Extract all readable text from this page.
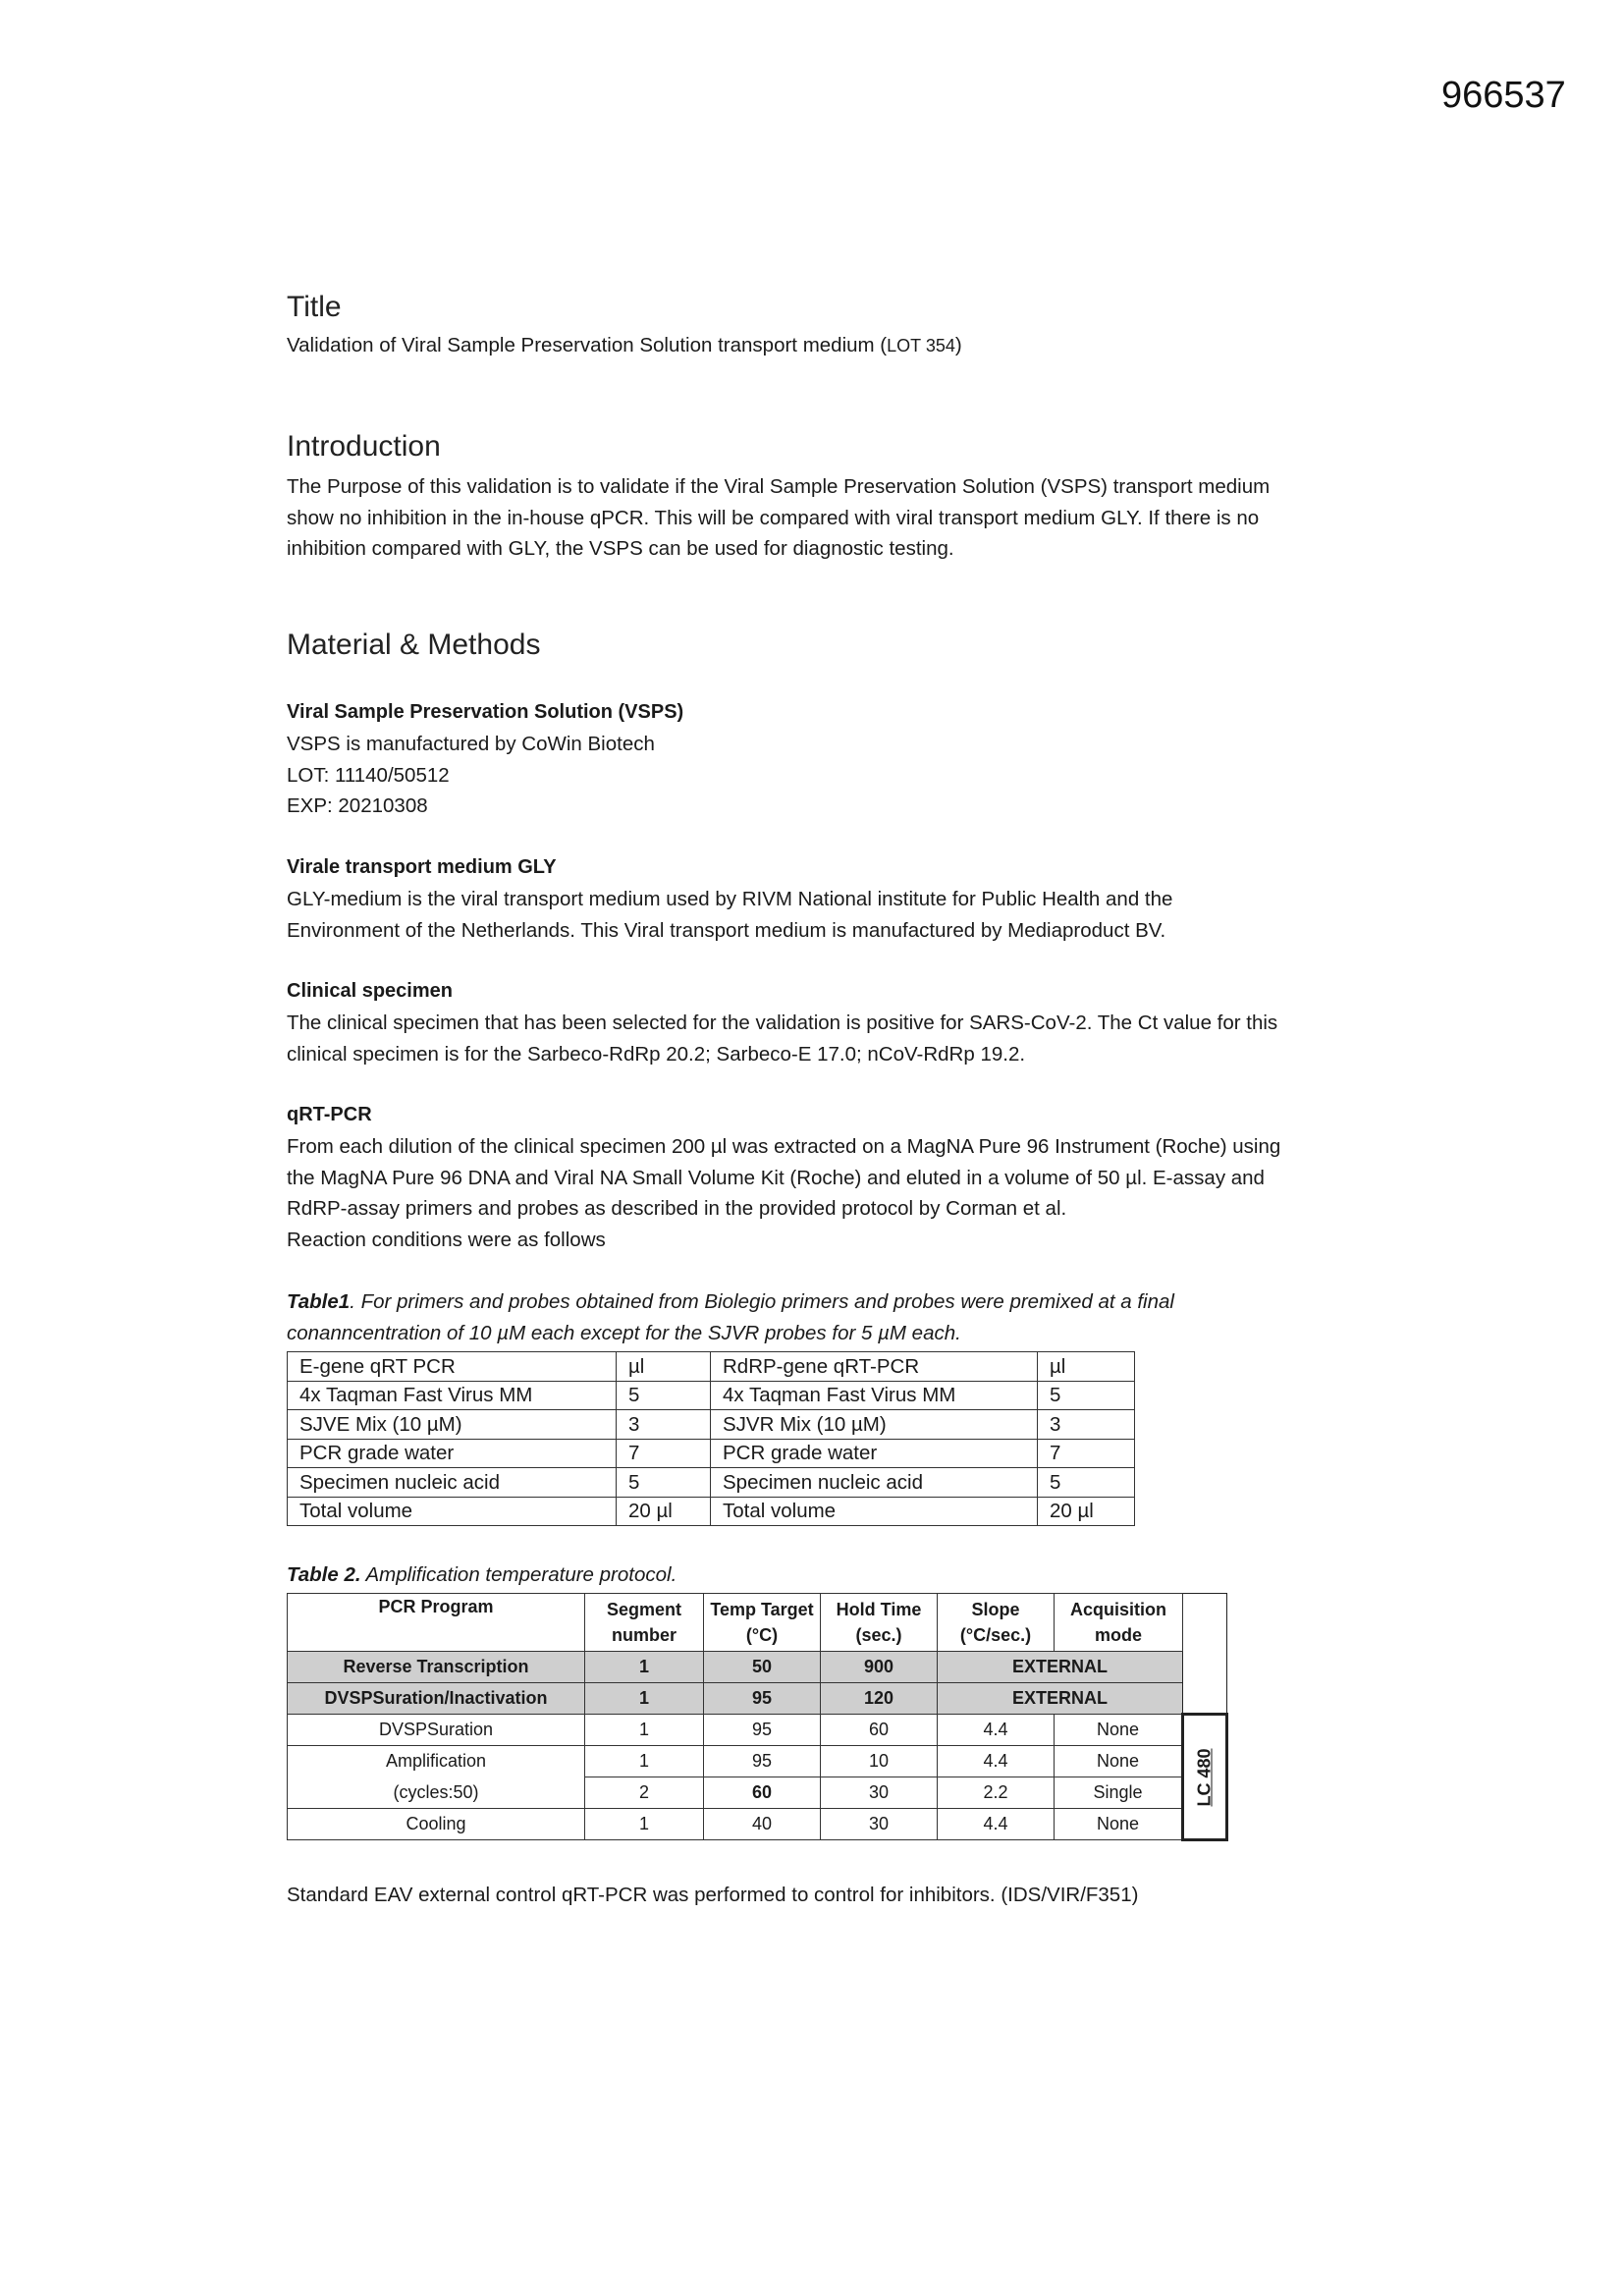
966537
Title
Validation of Viral Sample Preservation Solution transport medium (LOT 354)
Introduction
The Purpose of this validation is to validate if the Viral Sample Preservation Solution (VSPS) transport medium
show no inhibition in the in-house qPCR. This will be compared with viral transport medium GLY. If there is no
inhibition compared with GLY, the VSPS can be used for diagnostic testing.
Material & Methods
Viral Sample Preservation Solution (VSPS)
VSPS is manufactured by CoWin Biotech
LOT: 11140/50512
EXP: 20210308
Virale transport medium GLY
GLY-medium is the viral transport medium used by RIVM National institute for Public Health and the
Environment of the Netherlands. This Viral transport medium is manufactured by Mediaproduct BV.
Clinical specimen
The clinical specimen that has been selected for the validation is positive for SARS-CoV-2. The Ct value for this
clinical specimen is for the Sarbeco-RdRp 20.2; Sarbeco-E 17.0; nCoV-RdRp 19.2.
qRT-PCR
From each dilution of the clinical specimen 200 µl was extracted on a MagNA Pure 96 Instrument (Roche) using
the MagNA Pure 96 DNA and Viral NA Small Volume Kit (Roche) and eluted in a volume of 50 µl. E-assay and
RdRP-assay primers and probes as described in the provided protocol by Corman et al.
Reaction conditions were as follows
Table1. For primers and probes obtained from Biolegio primers and probes were premixed at a final
conanncentration of 10 µM each except for the SJVR probes for 5 µM each.
E-gene qRT PCR	µl	RdRP-gene qRT-PCR	µl
4x Taqman Fast Virus MM	5	4x Taqman Fast Virus MM	5
SJVE Mix (10 µM)	3	SJVR Mix (10 µM)	3
PCR grade water	7	PCR grade water	7
Specimen nucleic acid	5	Specimen nucleic acid	5
Total volume	20 µl	Total volume	20 µl
Table 2. Amplification temperature protocol.
PCR Program	Segment number	Temp Target (°C)	Hold Time (sec.)	Slope (°C/sec.)	Acquisition mode	
Reverse Transcription	1	50	900	EXTERNAL		
DVSPSuration/Inactivation	1	95	120	EXTERNAL		
DVSPSuration	1	95	60	4.4	None	LC 480

Amplification	1	95	10	4.4	None	
(cycles:50)	2	60	30	2.2	Single	
Cooling	1	40	30	4.4	None	
Standard EAV external control qRT-PCR was performed to control for inhibitors. (IDS/VIR/F351)
